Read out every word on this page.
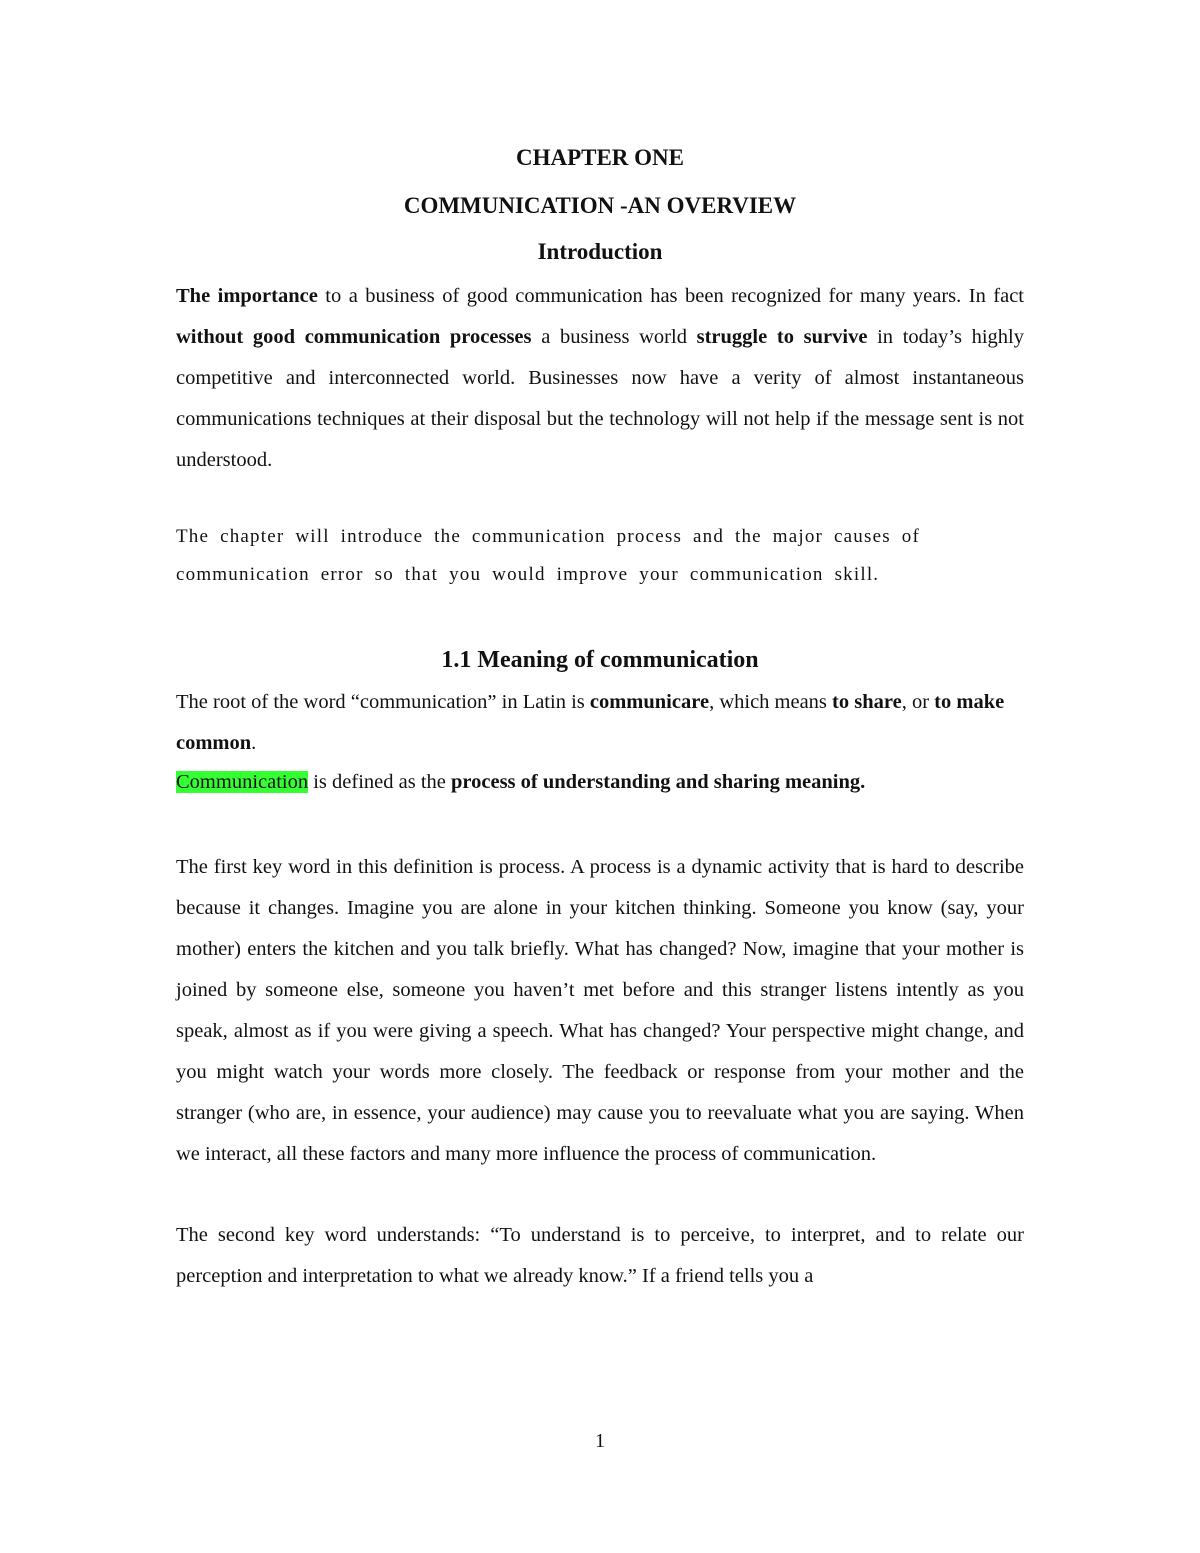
CHAPTER ONE
COMMUNICATION -AN OVERVIEW
Introduction

The importance to a business of good communication has been recognized for many years. In fact without good communication processes a business world struggle to survive in today’s highly competitive and interconnected world. Businesses now have a verity of almost instantaneous communications techniques at their disposal but the technology will not help if the message sent is not understood.

The chapter will introduce the communication process and the major causes of communication error so that you would improve your communication skill.

1.1 Meaning of communication

The root of the word “communication” in Latin is communicare, which means to share, or to make common.

Communication is defined as the process of understanding and sharing meaning.

The first key word in this definition is process. A process is a dynamic activity that is hard to describe because it changes. Imagine you are alone in your kitchen thinking. Someone you know (say, your mother) enters the kitchen and you talk briefly. What has changed? Now, imagine that your mother is joined by someone else, someone you haven’t met before and this stranger listens intently as you speak, almost as if you were giving a speech. What has changed? Your perspective might change, and you might watch your words more closely. The feedback or response from your mother and the stranger (who are, in essence, your audience) may cause you to reevaluate what you are saying. When we interact, all these factors and many more influence the process of communication.

The second key word understands: “To understand is to perceive, to interpret, and to relate our perception and interpretation to what we already know.” If a friend tells you a

1
